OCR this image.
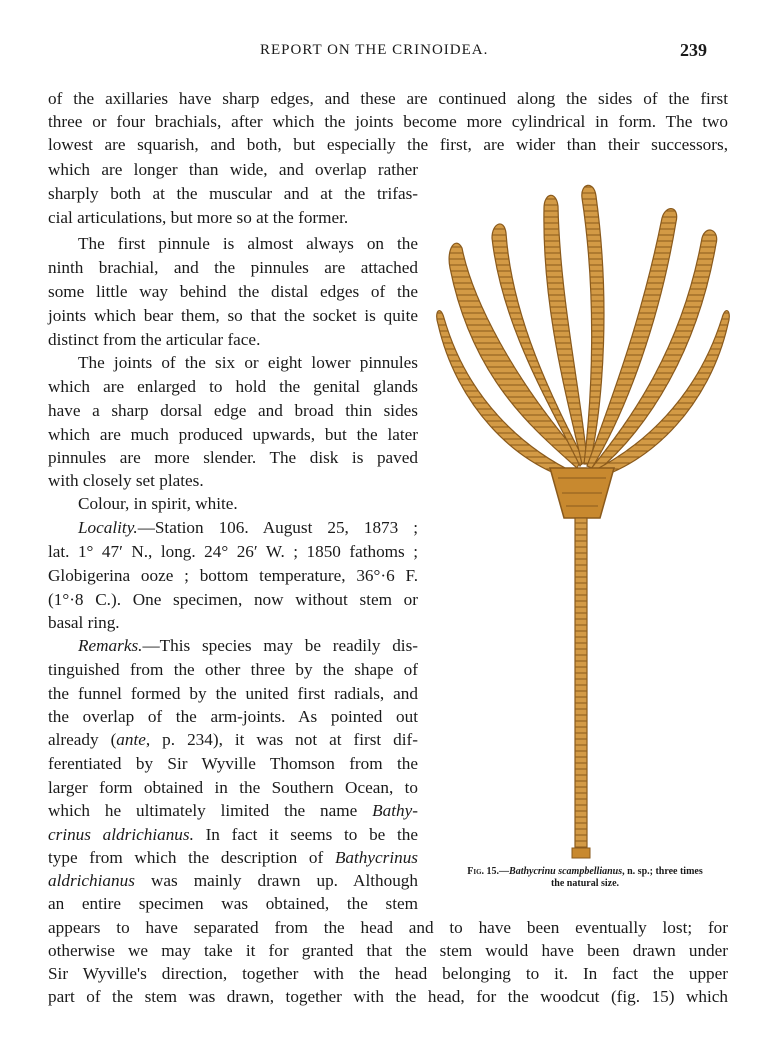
REPORT ON THE CRINOIDEA.	239
of the axillaries have sharp edges, and these are continued along the sides of the first
three or four brachials, after which the joints become more cylindrical in form. The two
lowest are squarish, and both, but especially the first, are wider than their successors,
which are longer than wide, and overlap rather
sharply both at the muscular and at the trifas-
cial articulations, but more so at the former.
The first pinnule is almost always on the
ninth brachial, and the pinnules are attached
some little way behind the distal edges of the
joints which bear them, so that the socket is quite
distinct from the articular face.
The joints of the six or eight lower pinnules
which are enlarged to hold the genital glands
have a sharp dorsal edge and broad thin sides
which are much produced upwards, but the later
pinnules are more slender. The disk is paved
with closely set plates.
Colour, in spirit, white.
Locality.—Station 106. August 25, 1873 ;
lat. 1° 47′ N., long. 24° 26′ W. ; 1850 fathoms ;
Globigerina ooze ; bottom temperature, 36°·6 F.
(1°·8 C.). One specimen, now without stem or
basal ring.
Remarks.—This species may be readily dis-
tinguished from the other three by the shape of
the funnel formed by the united first radials, and
the overlap of the arm-joints. As pointed out
already (ante, p. 234), it was not at first dif-
ferentiated by Sir Wyville Thomson from the
larger form obtained in the Southern Ocean, to
which he ultimately limited the name Bathy-
crinus aldrichianus. In fact it seems to be the
type from which the description of Bathycrinus
aldrichianus was mainly drawn up. Although
an entire specimen was obtained, the stem
appears to have separated from the head and to have been eventually lost; for
otherwise we may take it for granted that the stem would have been drawn under
Sir Wyville's direction, together with the head belonging to it. In fact the upper
part of the stem was drawn, together with the head, for the woodcut (fig. 15) which
Fig. 15.—Bathycrinu scampbellianus, n. sp.; three times
the natural size.
